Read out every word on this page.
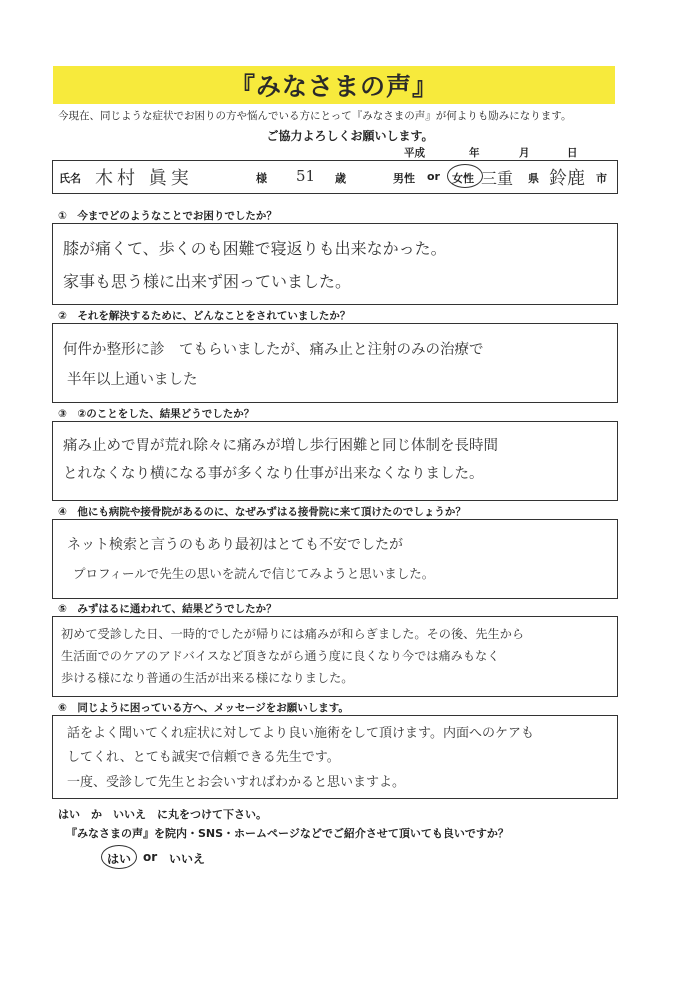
『みなさまの声』
今現在、同じような症状でお困りの方や悩んでいる方にとって『みなさまの声』が何よりも励みになります。
ご協力よろしくお願いします。
平成	年	月	日
氏名 木村 眞実	様 51 歳	男性 or 女性 三重 県 鈴鹿 市
①　今までどのようなことでお困りでしたか？
膝が痛くて、歩くのも困難で寝返りも出来なかった。
家事も思う様に出来ず困っていました。
②　それを解決するために、どんなことをされていましたか？
何件か整形に診　てもらいましたが、痛み止と注射のみの治療で
半年以上通いました
③　②のことをした、結果どうでしたか？
痛み止めで胃が荒れ除々に痛みが増し歩行困難と同じ体制を長時間
とれなくなり横になる事が多くなり仕事が出来なくなりました。
④　他にも病院や接骨院があるのに、なぜみずはる接骨院に来て頂けたのでしょうか？
ネット検索と言うのもあり最初はとても不安でしたが
プロフィールで先生の思いを読んで信じてみようと思いました。
⑤　みずはるに通われて、結果どうでしたか？
初めて受診した日、一時的でしたが帰りには痛みが和らぎました。その後、先生から
生活面でのケアのアドバイスなど頂きながら通う度に良くなり今では痛みもなく
歩ける様になり普通の生活が出来る様になりました。
⑥　同じように困っている方へ、メッセージをお願いします。
話をよく聞いてくれ症状に対してより良い施術をして頂けます。内面へのケアも
してくれ、とても誠実で信頼できる先生です。
一度、受診して先生とお会いすればわかると思いますよ。
はい　か　いいえ　に丸をつけて下さい。
『みなさまの声』を院内・SNS・ホームページなどでご紹介させて頂いても良いですか？
はい or いいえ
